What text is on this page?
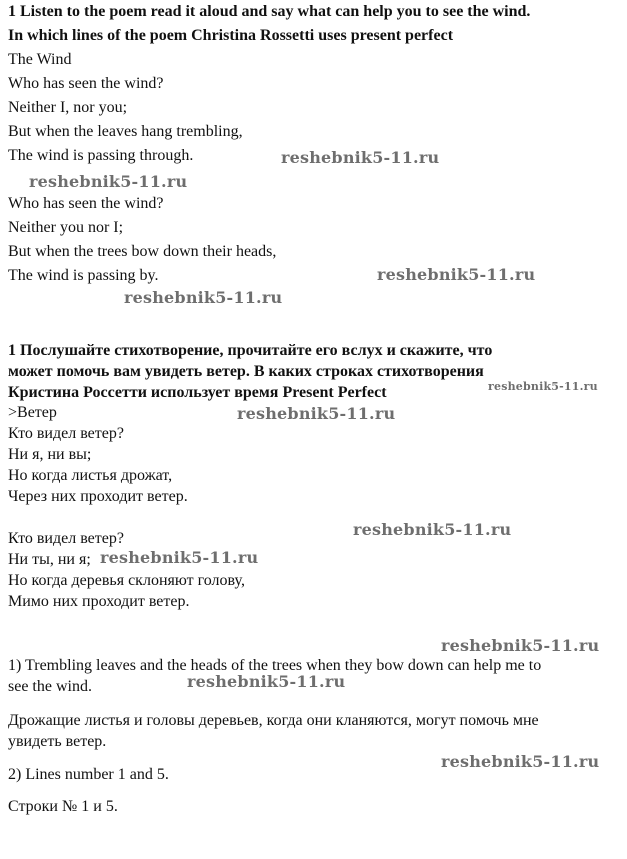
1 Listen to the poem read it aloud and say what can help you to see the wind.
In which lines of the poem Christina Rossetti uses present perfect
The Wind
Who has seen the wind?
Neither I, nor you;
But when the leaves hang trembling,
The wind is passing through.
Who has seen the wind?
Neither you nor I;
But when the trees bow down their heads,
The wind is passing by.
1 Послушайте стихотворение, прочитайте его вслух и скажите, что
может помочь вам увидеть ветер. В каких строках стихотворения
Кристина Россетти использует время Present Perfect
>Ветер
Кто видел ветер?
Ни я, ни вы;
Но когда листья дрожат,
Через них проходит ветер.
Кто видел ветер?
Ни ты, ни я;
Но когда деревья склоняют голову,
Мимо них проходит ветер.
1) Trembling leaves and the heads of the trees when they bow down can help me to
see the wind.
Дрожащие листья и головы деревьев, когда они кланяются, могут помочь мне
увидеть ветер.
2) Lines number 1 and 5.
Строки № 1 и 5.
reshebnik5-11.ru
reshebnik5-11.ru
reshebnik5-11.ru
reshebnik5-11.ru
reshebnik5-11.ru
reshebnik5-11.ru
reshebnik5-11.ru
reshebnik5-11.ru
reshebnik5-11.ru
reshebnik5-11.ru
reshebnik5-11.ru
